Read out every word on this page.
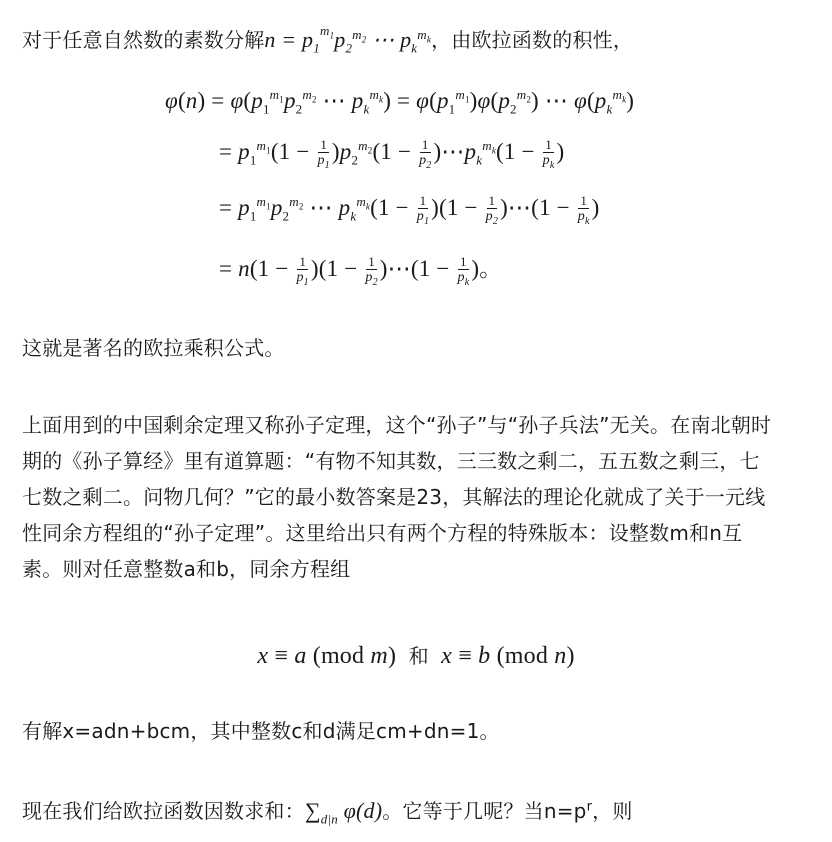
对于任意自然数的素数分解$n = p_1^{m_1}p_2^{m_2}$ ⋯ $p_k^{m_k}$，由欧拉函数的积性，

$\varphi(n) = \varphi(p_1^{m_1}p_2^{m_2}$ ⋯ $p_k^{m_k}) = \varphi(p_1^{m_1})\varphi(p_2^{m_2})$ ⋯ $\varphi(p_k^{m_k})$
= $p_1^{m_1}(1 - \frac{1}{p_1} )p_2^{m_2}(1 - \frac{1}{p_2}$ )$\cdots p_k^{m_k}(1 - \frac{1}{p_k}$ )
= $p_1^{m_1}p_2^{m_2}$ ⋯ $p_k^{m_k}(1 - \frac{1}{p_1} )(1 - \frac{1}{p_2}$ )⋯(1 − $\frac{1}{p_k}$ )
= $n(1 - \frac{1}{p_1} )(1 - \frac{1}{p_2}$ )⋯(1 − $\frac{1}{p_k}$ )。

这就是著名的欧拉乘积公式。

上面用到的中国剩余定理又称孙子定理，这个“孙子”与“孙子兵法”无关。在南北朝时
期的《孙子算经》里有道算题：“有物不知其数，三三数之剩二，五五数之剩三，七
七数之剩二。问物几何？”它的最小数答案是23，其解法的理论化就成了关于一元线
性同余方程组的“孙子定理”。这里给出只有两个方程的特殊版本：设整数m和n互
素。则对任意整数a和b，同余方程组
x ≡ a (mod m)  和 x ≡ b (mod n)

有解x=adn+bcm，其中整数c和d满足cm+dn=1。

现在我们给欧拉函数因数求和：$\sum_{d|n}$ φ(d)。它等于几呢？当$n=p^r$，则
